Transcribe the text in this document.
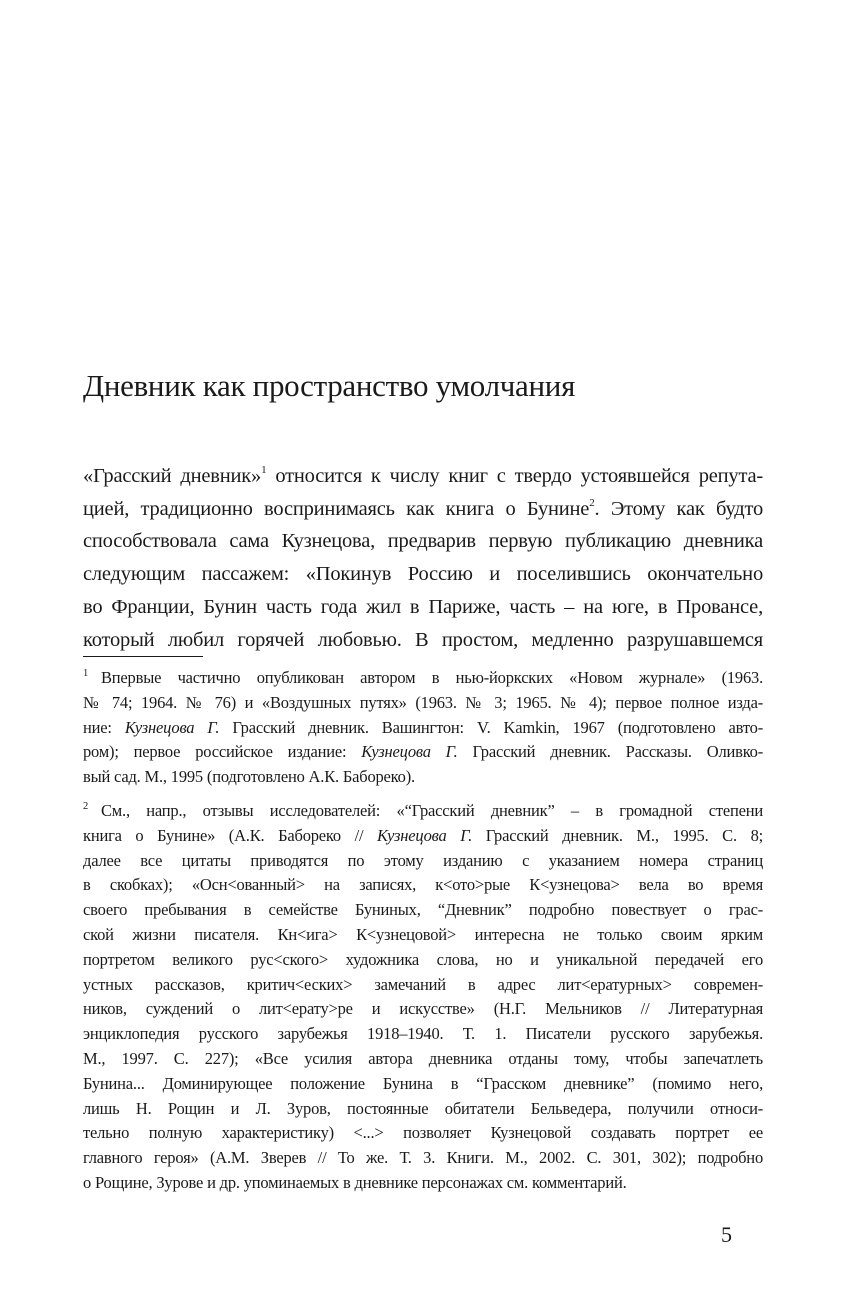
Дневник как пространство умолчания
«Грасский дневник»$^1$ относится к числу книг с твердо устоявшейся репута-
цией, традиционно воспринимаясь как книга о Бунине$^2$. Этому как будто
способствовала сама Кузнецова, предварив первую публикацию дневника
следующим пассажем: «Покинув Россию и поселившись окончательно
во Франции, Бунин часть года жил в Париже, часть – на юге, в Провансе,
который любил горячей любовью. В простом, медленно разрушавшемся
1 Впервые частично опубликован автором в нью-йоркских «Новом журнале» (1963.
№ 74; 1964. № 76) и «Воздушных путях» (1963. № 3; 1965. № 4); первое полное изда-
ние: Кузнецова Г. Грасский дневник. Вашингтон: V. Kamkin, 1967 (подготовлено авто-
ром); первое российское издание: Кузнецова Г. Грасский дневник. Рассказы. Оливко-
вый сад. М., 1995 (подготовлено А.К. Бабореко).
2 См., напр., отзывы исследователей: «“Грасский дневник” – в громадной степени
книга о Бунине» (А.К. Бабореко // Кузнецова Г. Грасский дневник. М., 1995. С. 8;
далее все цитаты приводятся по этому изданию с указанием номера страниц
в скобках); «Осн<ованный> на записях, к<ото>рые К<узнецова> вела во время
своего пребывания в семействе Буниных, “Дневник” подробно повествует о грас-
ской жизни писателя. Кн<ига> К<узнецовой> интересна не только своим ярким
портретом великого рус<ского> художника слова, но и уникальной передачей его
устных рассказов, критич<еских> замечаний в адрес лит<ературных> современ-
ников, суждений о лит<ерату>ре и искусстве» (Н.Г. Мельников // Литературная
энциклопедия русского зарубежья 1918–1940. Т. 1. Писатели русского зарубежья.
М., 1997. С. 227); «Все усилия автора дневника отданы тому, чтобы запечатлеть
Бунина... Доминирующее положение Бунина в “Грасском дневнике” (помимо него,
лишь Н. Рощин и Л. Зуров, постоянные обитатели Бельведера, получили относи-
тельно полную характеристику) <...> позволяет Кузнецовой создавать портрет ее
главного героя» (А.М. Зверев // То же. Т. 3. Книги. М., 2002. С. 301, 302); подробно
о Рощине, Зурове и др. упоминаемых в дневнике персонажах см. комментарий.
5
